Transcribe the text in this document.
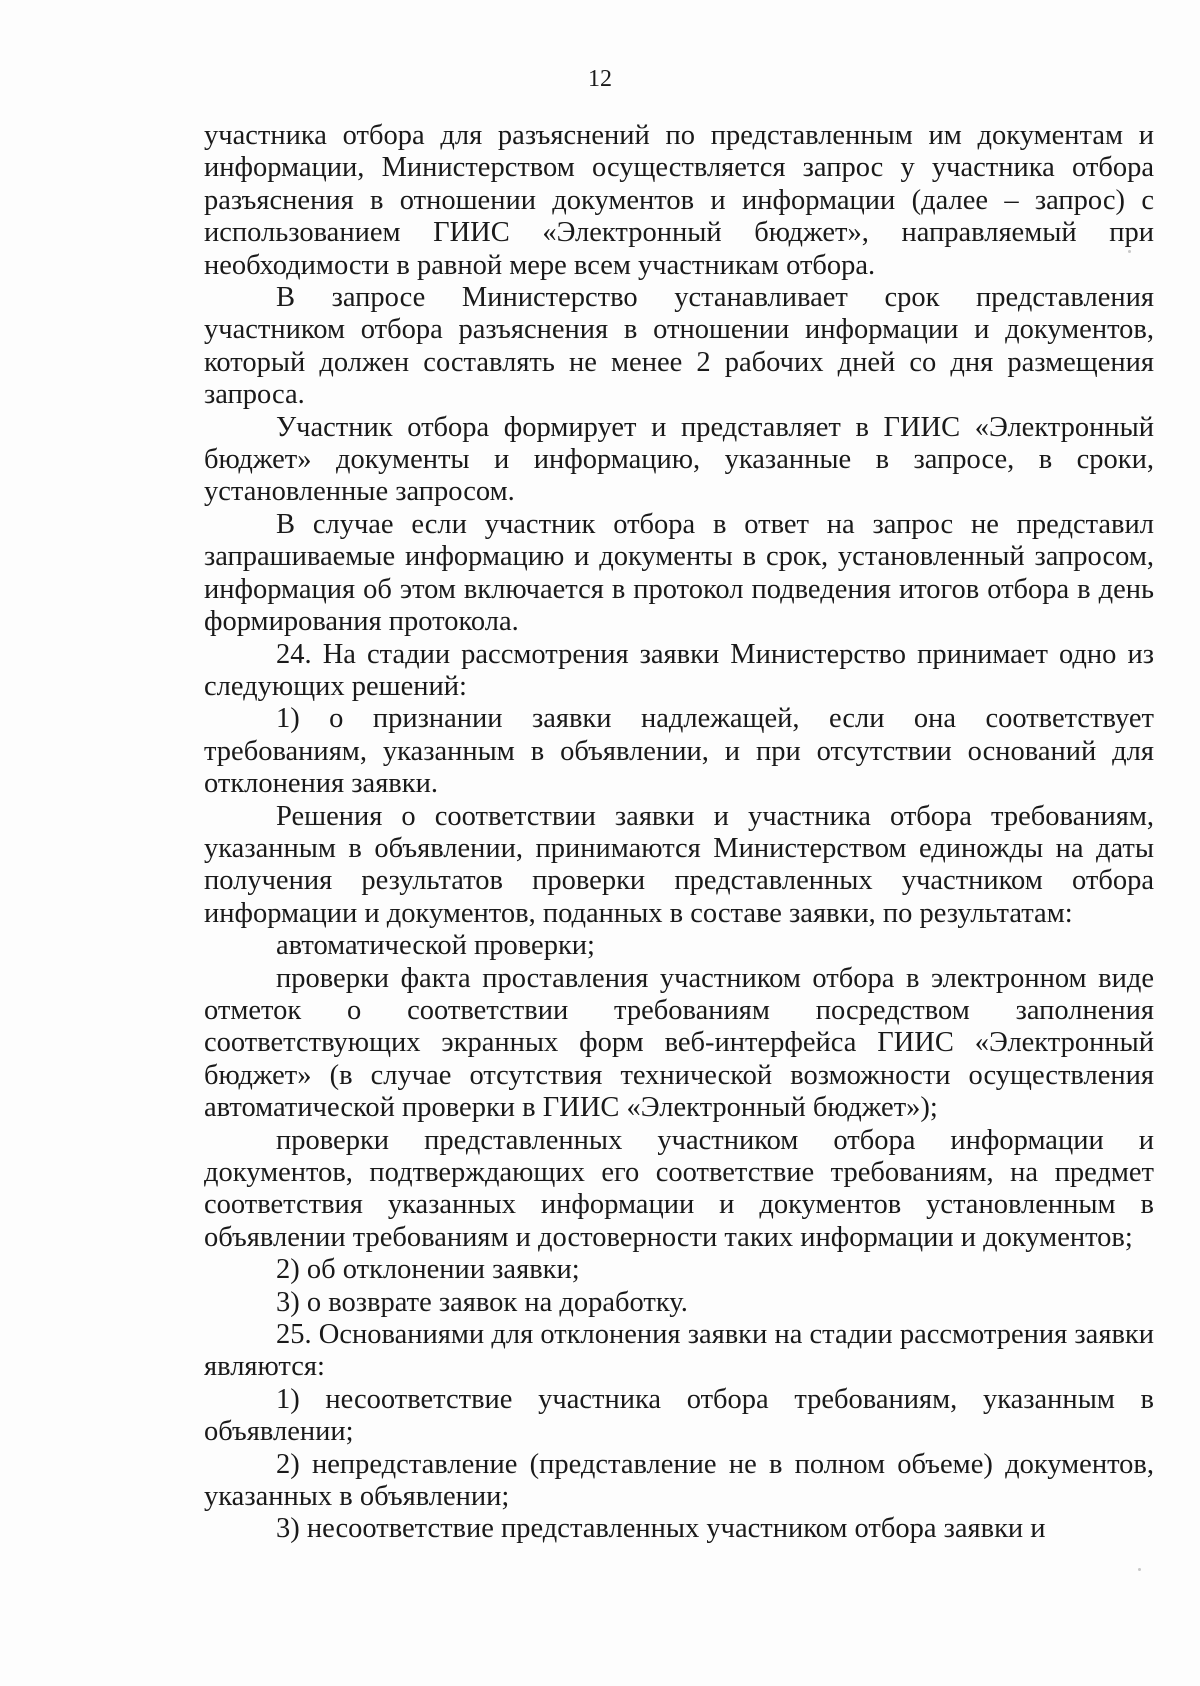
12

участника отбора для разъяснений по представленным им документам и информации, Министерством осуществляется запрос у участника отбора разъяснения в отношении документов и информации (далее – запрос) с использованием ГИИС «Электронный бюджет», направляемый при необходимости в равной мере всем участникам отбора.

В запросе Министерство устанавливает срок представления участником отбора разъяснения в отношении информации и документов, который должен составлять не менее 2 рабочих дней со дня размещения запроса.

Участник отбора формирует и представляет в ГИИС «Электронный бюджет» документы и информацию, указанные в запросе, в сроки, установленные запросом.

В случае если участник отбора в ответ на запрос не представил запрашиваемые информацию и документы в срок, установленный запросом, информация об этом включается в протокол подведения итогов отбора в день формирования протокола.

24. На стадии рассмотрения заявки Министерство принимает одно из следующих решений:

1) о признании заявки надлежащей, если она соответствует требованиям, указанным в объявлении, и при отсутствии оснований для отклонения заявки.

Решения о соответствии заявки и участника отбора требованиям, указанным в объявлении, принимаются Министерством единожды на даты получения результатов проверки представленных участником отбора информации и документов, поданных в составе заявки, по результатам:

автоматической проверки;

проверки факта проставления участником отбора в электронном виде отметок о соответствии требованиям посредством заполнения соответствующих экранных форм веб-интерфейса ГИИС «Электронный бюджет» (в случае отсутствия технической возможности осуществления автоматической проверки в ГИИС «Электронный бюджет»);

проверки представленных участником отбора информации и документов, подтверждающих его соответствие требованиям, на предмет соответствия указанных информации и документов установленным в объявлении требованиям и достоверности таких информации и документов;

2) об отклонении заявки;

3) о возврате заявок на доработку.

25. Основаниями для отклонения заявки на стадии рассмотрения заявки являются:

1) несоответствие участника отбора требованиям, указанным в объявлении;

2) непредставление (представление не в полном объеме) документов, указанных в объявлении;

3) несоответствие представленных участником отбора заявки и
